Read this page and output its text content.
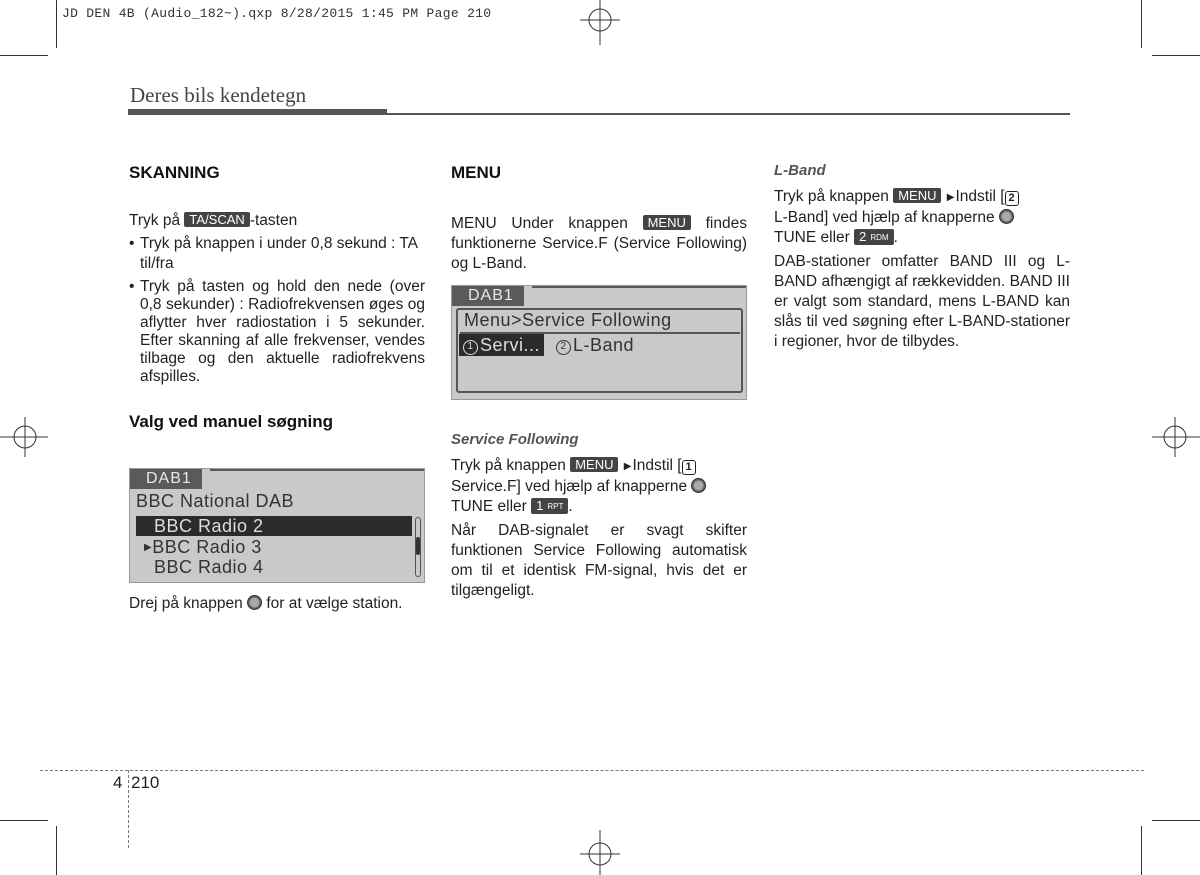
JD DEN 4B (Audio_182~).qxp 8/28/2015 1:45 PM Page 210
Deres bils kendetegn
SKANNING
Tryk på TA/SCAN -tasten
• Tryk på knappen i under 0,8 sekund : TA til/fra
• Tryk på tasten og hold den nede (over 0,8 sekunder) : Radiofrekvensen øges og aflytter hver radiostation i 5 sekunder. Efter skanning af alle frekvenser, vendes tilbage og den aktuelle radiofrekvens afspilles.
Valg ved manuel søgning
DAB1
BBC National DAB
BBC Radio 2
▶BBC Radio 3
BBC Radio 4
Drej på knappen  for at vælge station.
MENU
MENU Under knappen MENU findes funktionerne Service.F (Service Following) og L-Band.
DAB1
Menu>Service Following
1 Servi...	2 L-Band
Service Following
Tryk på knappen MENU ▶Indstil [ 1
Service.F] ved hjælp af knapperne
TUNE eller 1 RPT .
Når DAB-signalet er svagt skifter funktionen Service Following automatisk om til et identisk FM-signal, hvis det er tilgængeligt.
L-Band
Tryk på knappen MENU ▶Indstil [ 2
L-Band] ved hjælp af knapperne
TUNE eller 2 RDM .
DAB-stationer omfatter BAND III og L-BAND afhængigt af rækkevidden. BAND III er valgt som standard, mens L-BAND kan slås til ved søgning efter L-BAND-stationer i regioner, hvor de tilbydes.
4 210
